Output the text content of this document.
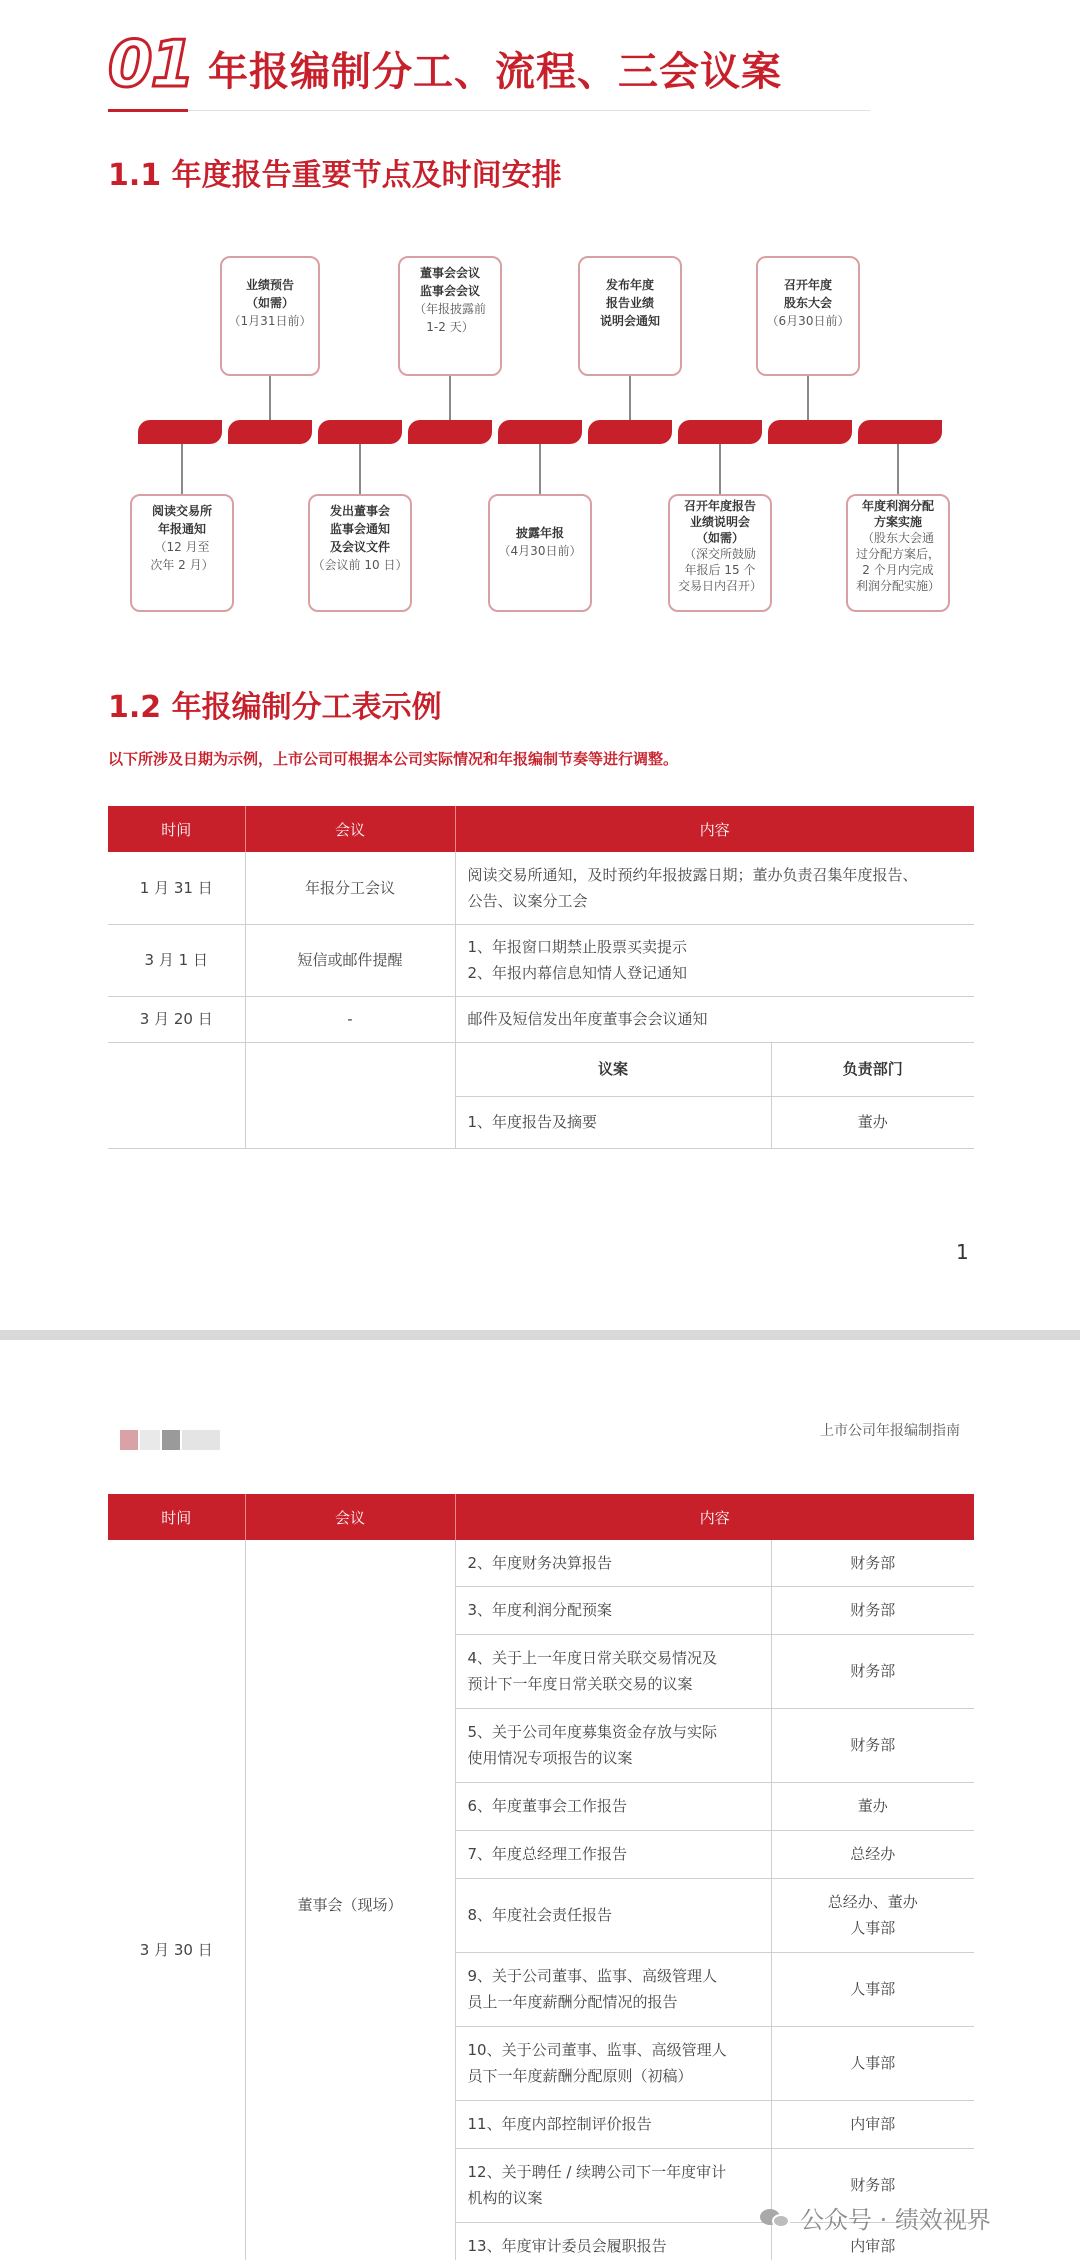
01 年报编制分工、流程、三会议案
1.1 年度报告重要节点及时间安排
业绩预告
（如需）
（1月31日前）
董事会会议
监事会会议
（年报披露前
1-2 天）
发布年度
报告业绩
说明会通知
召开年度
股东大会
（6月30日前）
阅读交易所
年报通知
（12 月至
次年 2 月）
发出董事会
监事会通知
及会议文件
（会议前 10 日）
披露年报
（4月30日前）
召开年度报告
业绩说明会
（如需）
（深交所鼓励
年报后 15 个
交易日内召开）
年度利润分配
方案实施
（股东大会通
过分配方案后，
2 个月内完成
利润分配实施）
1.2 年报编制分工表示例
以下所涉及日期为示例，上市公司可根据本公司实际情况和年报编制节奏等进行调整。
时间	会议	内容	
1 月 31 日	年报分工会议	阅读交易所通知，及时预约年报披露日期；董办负责召集年度报告、
公告、议案分工会	

3 月 1 日	短信或邮件提醒	1、年报窗口期禁止股票买卖提示
2、年报内幕信息知情人登记通知	

3 月 20 日	-	邮件及短信发出年度董事会会议通知	
		议案	负责部门
		1、年度报告及摘要	董办
1
上市公司年报编制指南
时间	会议	内容	
3 月 30 日	董事会（现场）	2、年度财务决算报告	财务部
		3、年度利润分配预案	财务部

		4、关于上一年度日常关联交易情况及
预计下一年度日常关联交易的议案	财务部

		5、关于公司年度募集资金存放与实际
使用情况专项报告的议案	财务部
		6、年度董事会工作报告	董办
		7、年度总经理工作报告	总经办
		8、年度社会责任报告	总经办、董办
人事部

		9、关于公司董事、监事、高级管理人
员上一年度薪酬分配情况的报告	人事部

		10、关于公司董事、监事、高级管理人
员下一年度薪酬分配原则（初稿）	人事部
		11、年度内部控制评价报告	内审部

		12、关于聘任 / 续聘公司下一年度审计
机构的议案	财务部
		13、年度审计委员会履职报告	内审部
公众号 · 绩效视界
